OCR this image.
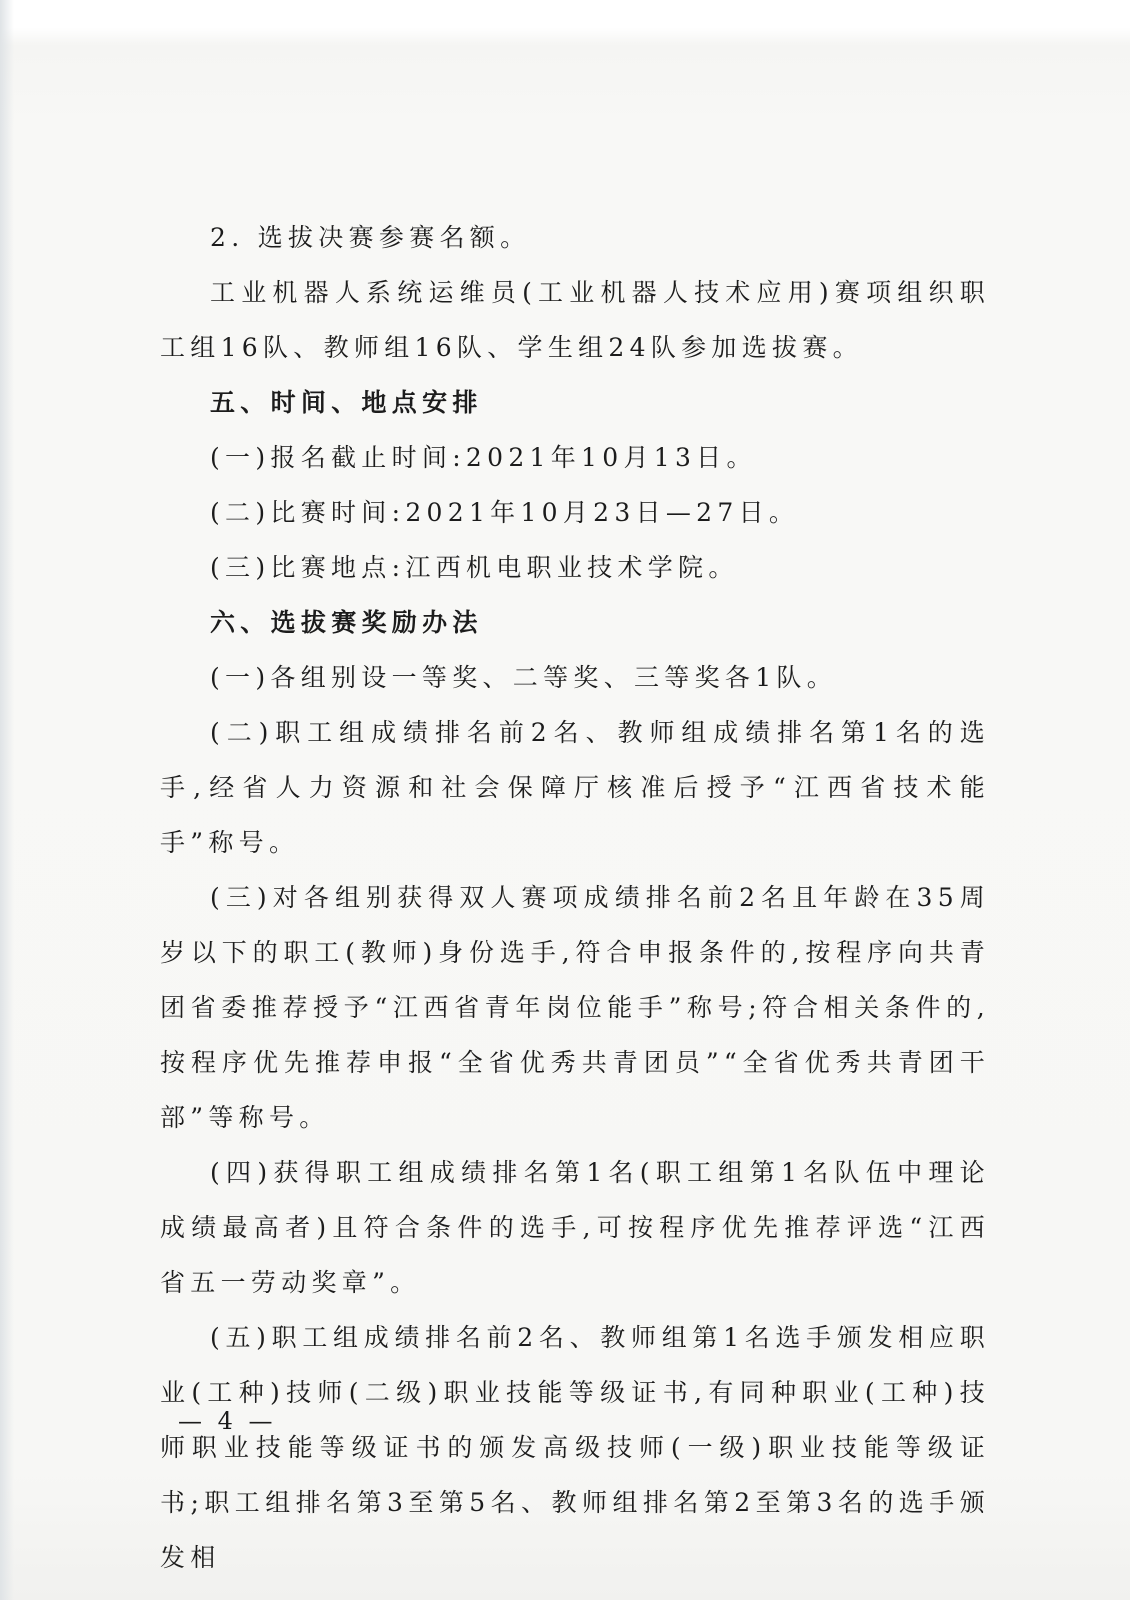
2. 选拔决赛参赛名额。

工业机器人系统运维员(工业机器人技术应用)赛项组织职工组16队、教师组16队、学生组24队参加选拔赛。

五、时间、地点安排

(一)报名截止时间:2021年10月13日。

(二)比赛时间:2021年10月23日—27日。

(三)比赛地点:江西机电职业技术学院。

六、选拔赛奖励办法

(一)各组别设一等奖、二等奖、三等奖各1队。

(二)职工组成绩排名前2名、教师组成绩排名第1名的选手,经省人力资源和社会保障厅核准后授予“江西省技术能手”称号。

(三)对各组别获得双人赛项成绩排名前2名且年龄在35周岁以下的职工(教师)身份选手,符合申报条件的,按程序向共青团省委推荐授予“江西省青年岗位能手”称号;符合相关条件的,按程序优先推荐申报“全省优秀共青团员”“全省优秀共青团干部”等称号。

(四)获得职工组成绩排名第1名(职工组第1名队伍中理论成绩最高者)且符合条件的选手,可按程序优先推荐评选“江西省五一劳动奖章”。

(五)职工组成绩排名前2名、教师组第1名选手颁发相应职业(工种)技师(二级)职业技能等级证书,有同种职业(工种)技师职业技能等级证书的颁发高级技师(一级)职业技能等级证书;职工组排名第3至第5名、教师组排名第2至第3名的选手颁发相

— 4 —
